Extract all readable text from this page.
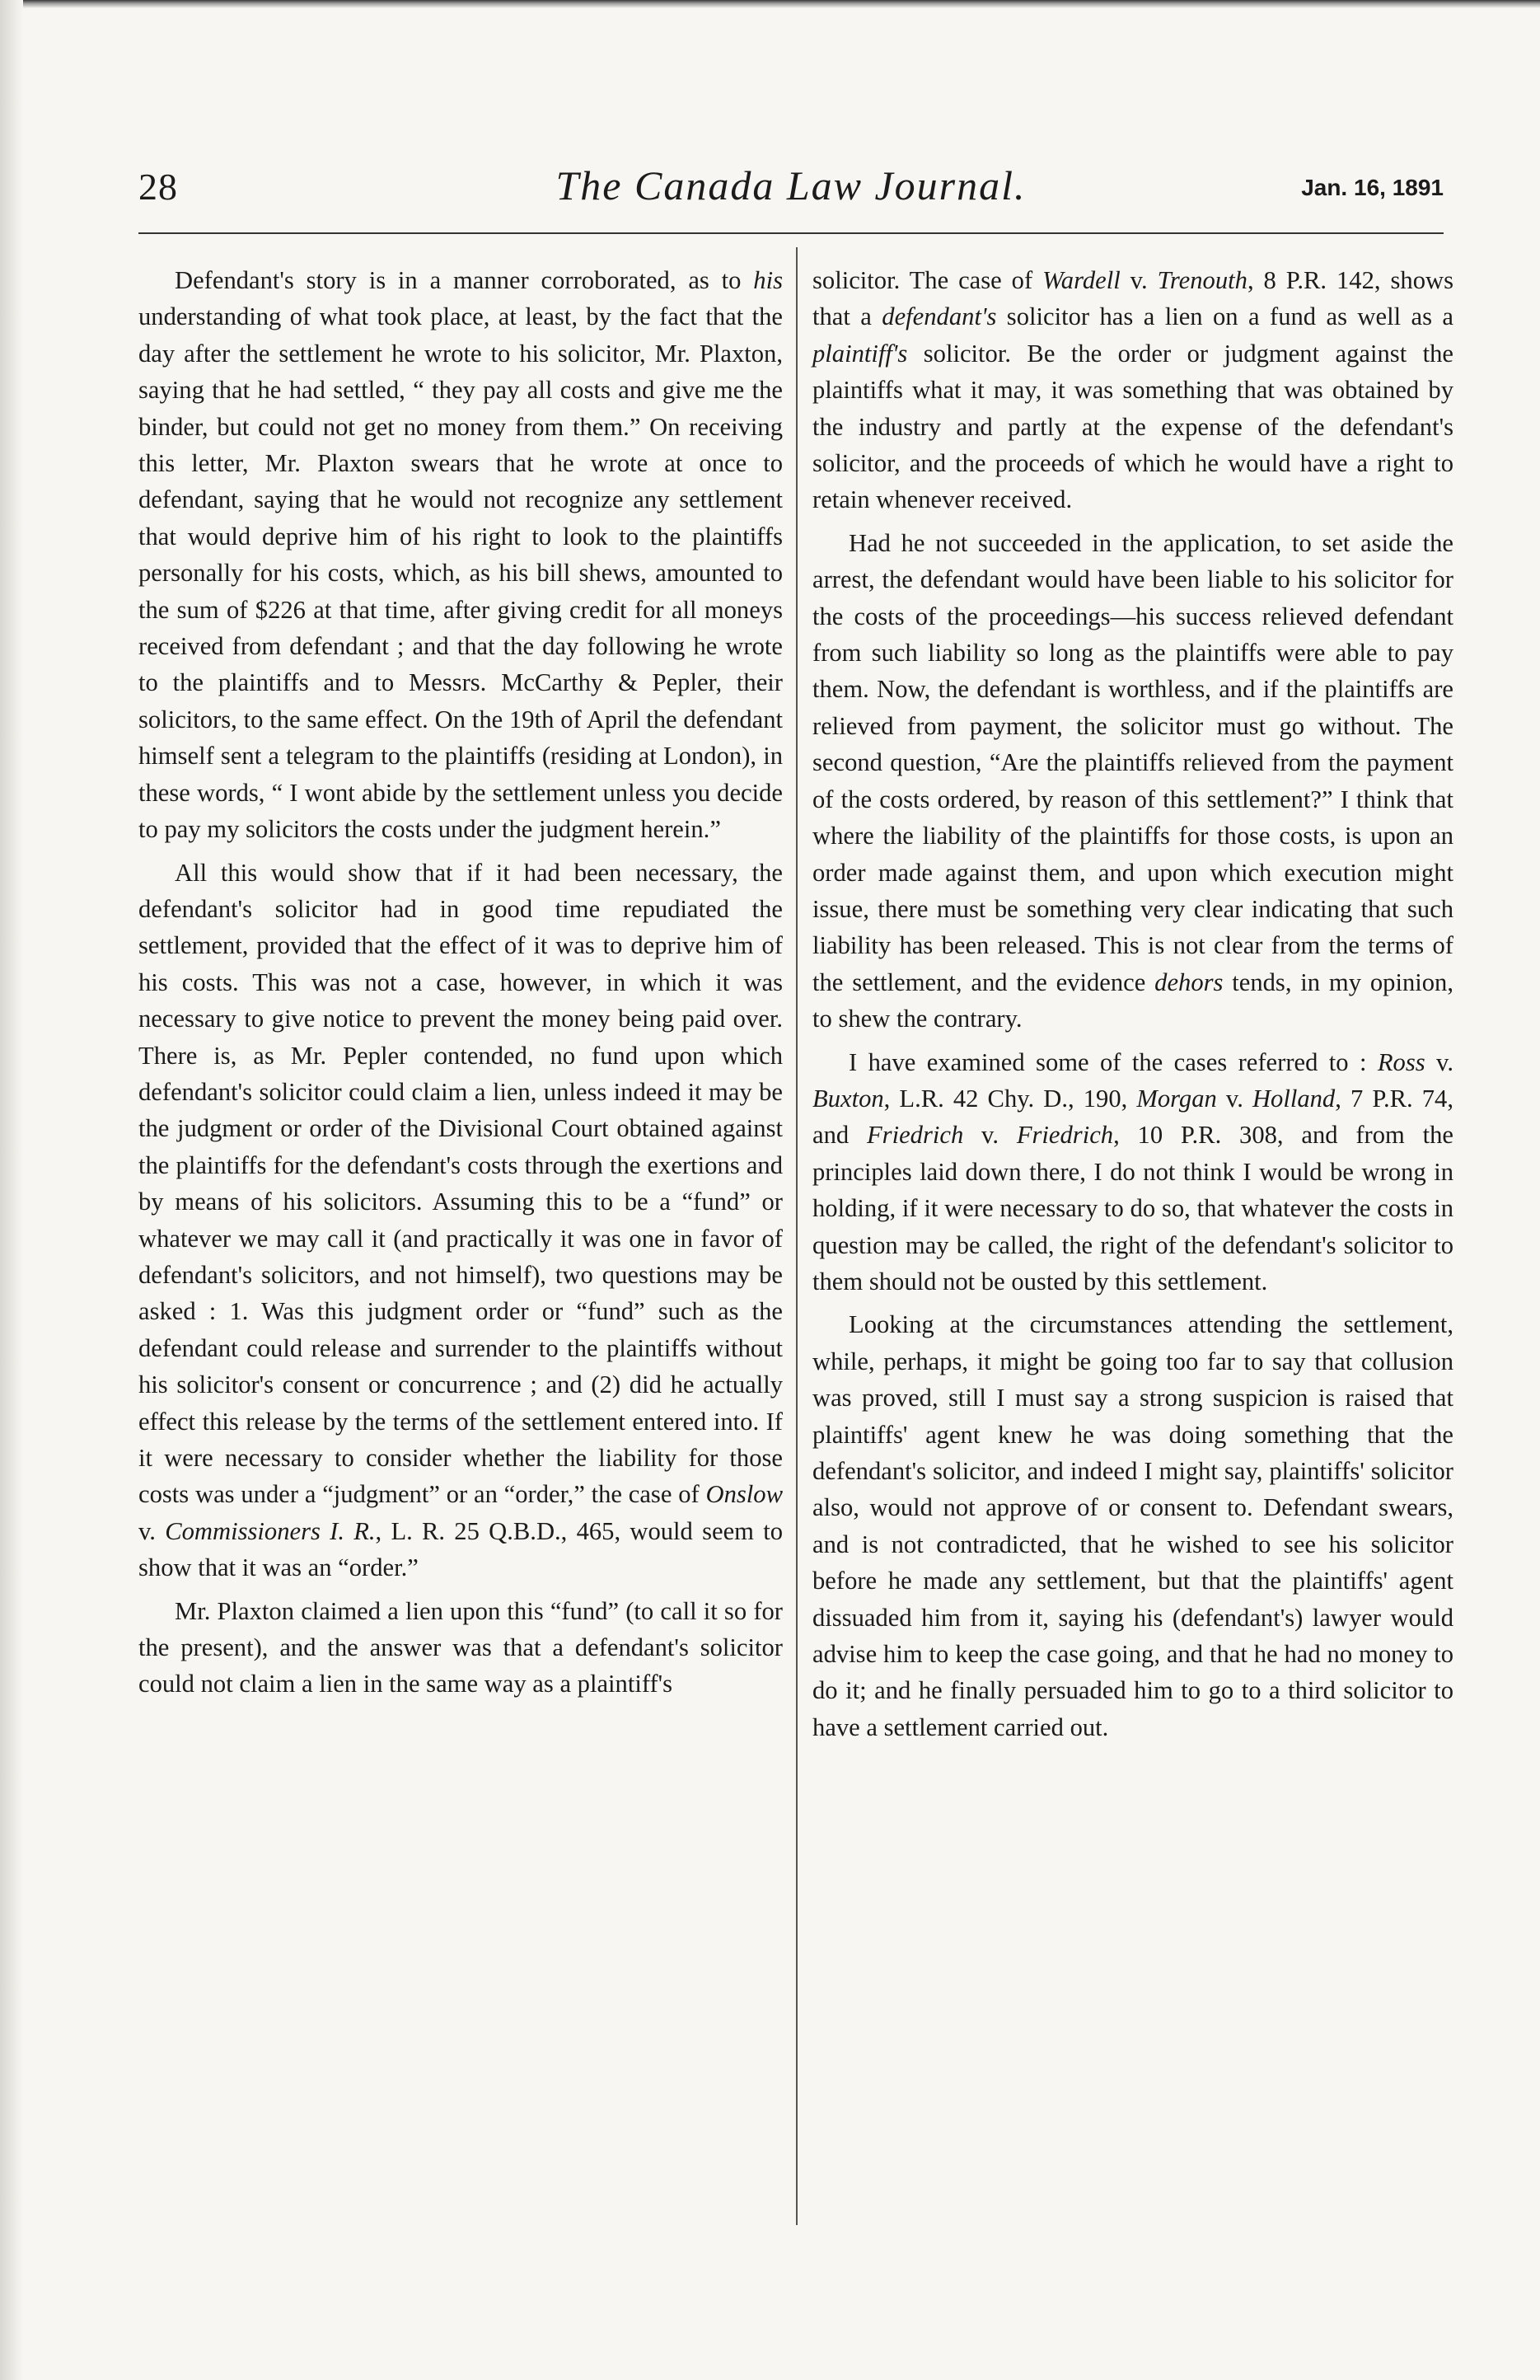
28	The Canada Law Journal.	Jan. 16, 1891

Defendant's story is in a manner corroborated, as to his understanding of what took place, at least, by the fact that the day after the settlement he wrote to his solicitor, Mr. Plaxton, saying that he had settled, “ they pay all costs and give me the binder, but could not get no money from them.” On receiving this letter, Mr. Plaxton swears that he wrote at once to defendant, saying that he would not recognize any settlement that would deprive him of his right to look to the plaintiffs personally for his costs, which, as his bill shews, amounted to the sum of $226 at that time, after giving credit for all moneys received from defendant ; and that the day following he wrote to the plaintiffs and to Messrs. McCarthy & Pepler, their solicitors, to the same effect. On the 19th of April the defendant himself sent a telegram to the plaintiffs (residing at London), in these words, “ I wont abide by the settlement unless you decide to pay my solicitors the costs under the judgment herein.”

All this would show that if it had been necessary, the defendant's solicitor had in good time repudiated the settlement, provided that the effect of it was to deprive him of his costs. This was not a case, however, in which it was necessary to give notice to prevent the money being paid over. There is, as Mr. Pepler contended, no fund upon which defendant's solicitor could claim a lien, unless indeed it may be the judgment or order of the Divisional Court obtained against the plaintiffs for the defendant's costs through the exertions and by means of his solicitors. Assuming this to be a “fund” or whatever we may call it (and practically it was one in favor of defendant's solicitors, and not himself), two questions may be asked : 1. Was this judgment order or “fund” such as the defendant could release and surrender to the plaintiffs without his solicitor's consent or concurrence ; and (2) did he actually effect this release by the terms of the settlement entered into. If it were necessary to consider whether the liability for those costs was under a “judgment” or an “order,” the case of Onslow v. Commissioners I. R., L. R. 25 Q.B.D., 465, would seem to show that it was an “order.”

Mr. Plaxton claimed a lien upon this “fund” (to call it so for the present), and the answer was that a defendant's solicitor could not claim a lien in the same way as a plaintiff's

solicitor. The case of Wardell v. Trenouth, 8 P.R. 142, shows that a defendant's solicitor has a lien on a fund as well as a plaintiff's solicitor. Be the order or judgment against the plaintiffs what it may, it was something that was obtained by the industry and partly at the expense of the defendant's solicitor, and the proceeds of which he would have a right to retain whenever received.

Had he not succeeded in the application, to set aside the arrest, the defendant would have been liable to his solicitor for the costs of the proceedings—his success relieved defendant from such liability so long as the plaintiffs were able to pay them. Now, the defendant is worthless, and if the plaintiffs are relieved from payment, the solicitor must go without. The second question, “Are the plaintiffs relieved from the payment of the costs ordered, by reason of this settlement?” I think that where the liability of the plaintiffs for those costs, is upon an order made against them, and upon which execution might issue, there must be something very clear indicating that such liability has been released. This is not clear from the terms of the settlement, and the evidence dehors tends, in my opinion, to shew the contrary.

I have examined some of the cases referred to : Ross v. Buxton, L.R. 42 Chy. D., 190, Morgan v. Holland, 7 P.R. 74, and Friedrich v. Friedrich, 10 P.R. 308, and from the principles laid down there, I do not think I would be wrong in holding, if it were necessary to do so, that whatever the costs in question may be called, the right of the defendant's solicitor to them should not be ousted by this settlement.

Looking at the circumstances attending the settlement, while, perhaps, it might be going too far to say that collusion was proved, still I must say a strong suspicion is raised that plaintiffs' agent knew he was doing something that the defendant's solicitor, and indeed I might say, plaintiffs' solicitor also, would not approve of or consent to. Defendant swears, and is not contradicted, that he wished to see his solicitor before he made any settlement, but that the plaintiffs' agent dissuaded him from it, saying his (defendant's) lawyer would advise him to keep the case going, and that he had no money to do it; and he finally persuaded him to go to a third solicitor to have a settlement carried out.
